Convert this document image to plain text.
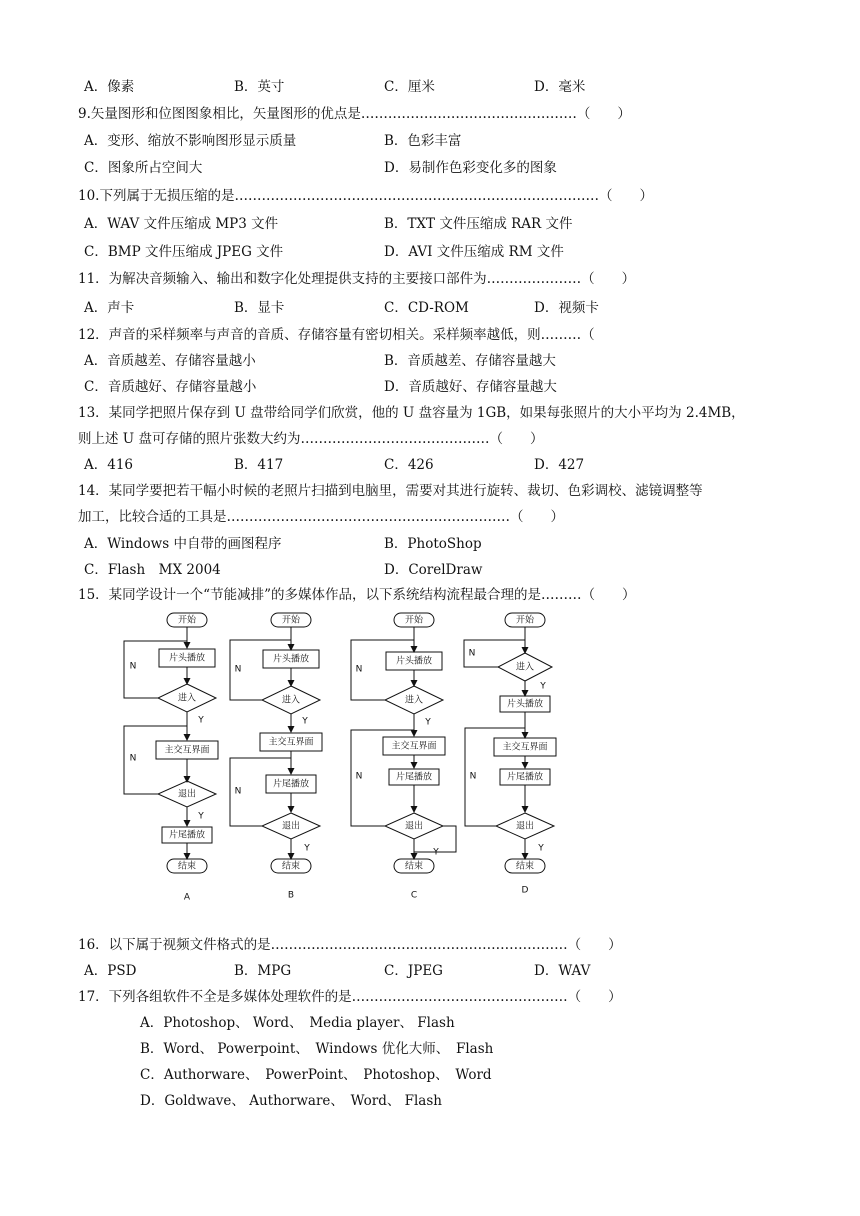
A．像素	B．英寸	C．厘米	D．毫米
9.矢量图形和位图图象相比，矢量图形的优点是…………………………………………（　　）
A．变形、缩放不影响图形显示质量	B．色彩丰富
C．图象所占空间大	D．易制作色彩变化多的图象
10.下列属于无损压缩的是………………………………………………………………………（　　）
A．WAV 文件压缩成 MP3 文件	B．TXT 文件压缩成 RAR 文件
C．BMP 文件压缩成 JPEG 文件	D．AVI 文件压缩成 RM 文件
11．为解决音频输入、输出和数字化处理提供支持的主要接口部件为…………………（　　）
A．声卡	B．显卡	C．CD-ROM	D．视频卡
12．声音的采样频率与声音的音质、存储容量有密切相关。采样频率越低，则………（
A．音质越差、存储容量越小	B．音质越差、存储容量越大
C．音质越好、存储容量越小	D．音质越好、存储容量越大
13．某同学把照片保存到 U 盘带给同学们欣赏，他的 U 盘容量为 1GB，如果每张照片的大小平均为 2.4MB，
则上述 U 盘可存储的照片张数大约为……………………………………（　　）
A．416	B．417	C．426	D．427
14．某同学要把若干幅小时候的老照片扫描到电脑里，需要对其进行旋转、裁切、色彩调校、滤镜调整等
加工，比较合适的工具是………………………………………………………（　　）
A．Windows 中自带的画图程序	B．PhotoShop
C．Flash　MX 2004	D．CorelDraw
15．某同学设计一个“节能减排”的多媒体作品，以下系统结构流程最合理的是………（　　）
开始
片头播放
进入
N
Y
主交互界面
退出
N
Y
片尾播放
结束
A
开始
片头播放
进入
N
Y
主交互界面
片尾播放
退出
N
Y
结束
B
开始
片头播放
进入
N
Y
主交互界面
片尾播放
退出
N
Y
结束
C
开始
进入
N
Y
片头播放
主交互界面
片尾播放
退出
N
Y
结束
D
16．以下属于视频文件格式的是…………………………………………………………（　　）
A．PSD	B．MPG	C．JPEG	D．WAV
17．下列各组软件不全是多媒体处理软件的是…………………………………………（　　）
A．Photoshop、 Word、　Media player、 Flash
B．Word、 Powerpoint、　Windows 优化大师、　Flash
C．Authorware、　PowerPoint、　Photoshop、　Word
D．Goldwave、 Authorware、　Word、 Flash
